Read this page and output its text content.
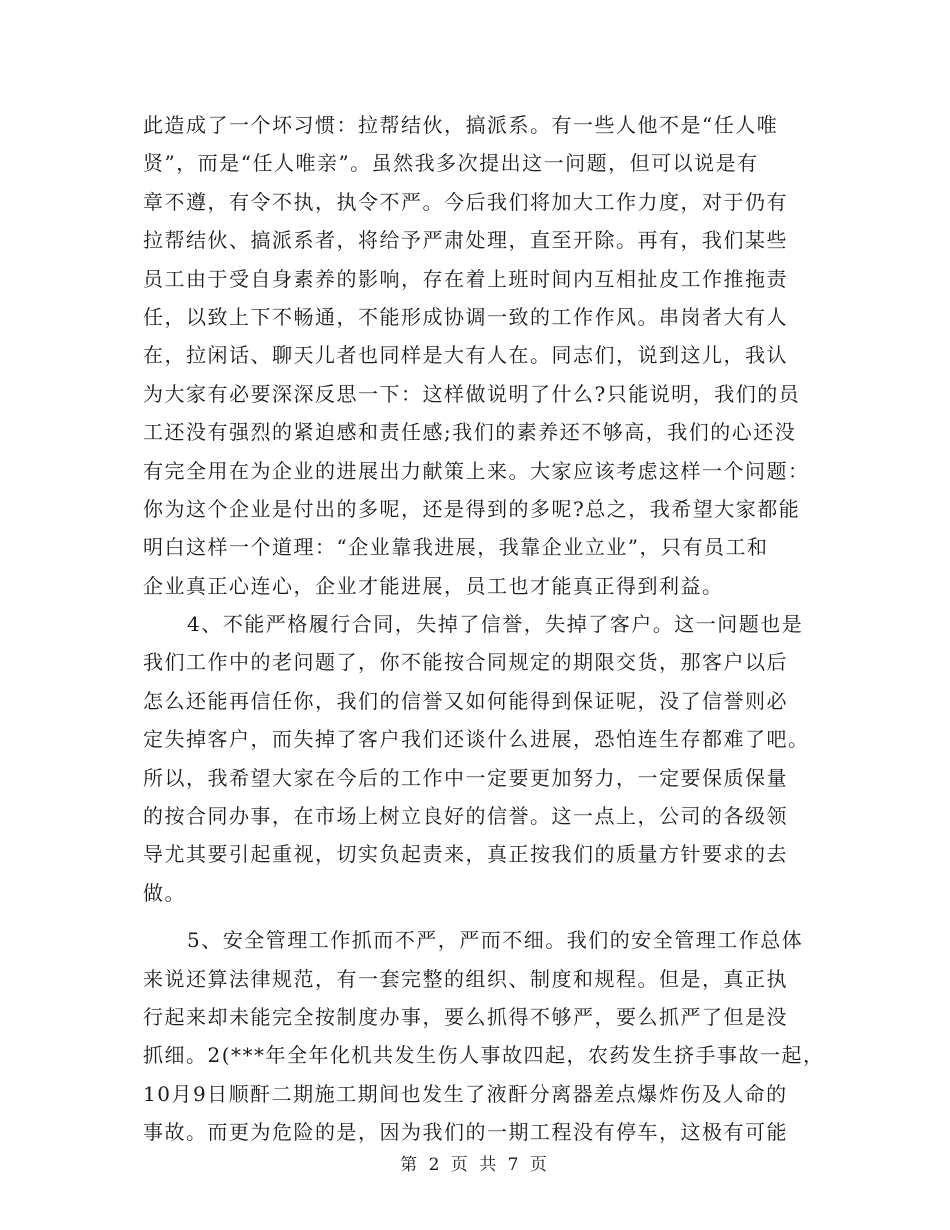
此造成了一个坏习惯：拉帮结伙，搞派系。有一些人他不是“任人唯
贤”，而是“任人唯亲”。虽然我多次提出这一问题，但可以说是有
章不遵，有令不执，执令不严。今后我们将加大工作力度，对于仍有
拉帮结伙、搞派系者，将给予严肃处理，直至开除。再有，我们某些
员工由于受自身素养的影响，存在着上班时间内互相扯皮工作推拖责
任，以致上下不畅通，不能形成协调一致的工作作风。串岗者大有人
在，拉闲话、聊天儿者也同样是大有人在。同志们，说到这儿，我认
为大家有必要深深反思一下：这样做说明了什么?只能说明，我们的员
工还没有强烈的紧迫感和责任感;我们的素养还不够高，我们的心还没
有完全用在为企业的进展出力献策上来。大家应该考虑这样一个问题：
你为这个企业是付出的多呢，还是得到的多呢?总之，我希望大家都能
明白这样一个道理：“企业靠我进展，我靠企业立业”，只有员工和
企业真正心连心，企业才能进展，员工也才能真正得到利益。
4、不能严格履行合同，失掉了信誉，失掉了客户。这一问题也是
我们工作中的老问题了，你不能按合同规定的期限交货，那客户以后
怎么还能再信任你，我们的信誉又如何能得到保证呢，没了信誉则必
定失掉客户，而失掉了客户我们还谈什么进展，恐怕连生存都难了吧。
所以，我希望大家在今后的工作中一定要更加努力，一定要保质保量
的按合同办事，在市场上树立良好的信誉。这一点上，公司的各级领
导尤其要引起重视，切实负起责来，真正按我们的质量方针要求的去
做。
5、安全管理工作抓而不严，严而不细。我们的安全管理工作总体
来说还算法律规范，有一套完整的组织、制度和规程。但是，真正执
行起来却未能完全按制度办事，要么抓得不够严，要么抓严了但是没
抓细。2(***年全年化机共发生伤人事故四起，农药发生挤手事故一起，
10月9日顺酐二期施工期间也发生了液酐分离器差点爆炸伤及人命的
事故。而更为危险的是，因为我们的一期工程没有停车，这极有可能
第 2 页 共 7 页
